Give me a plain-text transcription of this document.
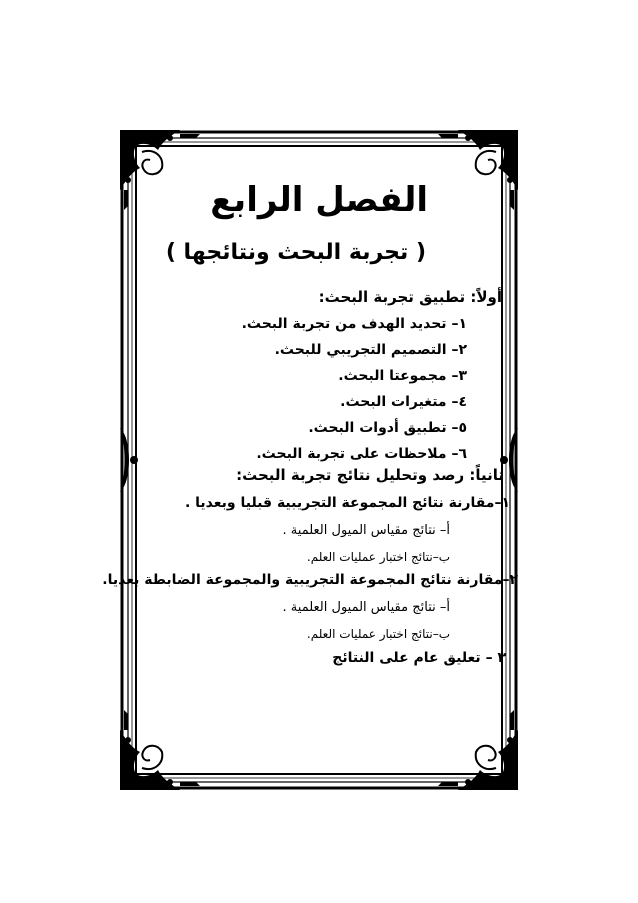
الفصل الرابع
( تجربة البحث ونتائجها )
أولاً: تطبيق تجربة البحث:
١– تحديد الهدف من تجربة البحث.
٢– التصميم التجريبي للبحث.
٣– مجموعتا البحث.
٤– متغيرات البحث.
٥– تطبيق أدوات البحث.
٦– ملاحظات على تجربة البحث.
ثانياً: رصد وتحليل نتائج تجربة البحث:
١–مقارنة نتائج المجموعة التجريبية قبليا وبعديا .
أ– نتائج مقياس الميول العلمية .
ب–نتائج اختبار عمليات العلم.
٢–مقارنة نتائج المجموعة التجريبية والمجموعة الضابطة بعديا.
أ– نتائج مقياس الميول العلمية .
ب–نتائج اختبار عمليات العلم.
٣ – تعليق عام على النتائج
